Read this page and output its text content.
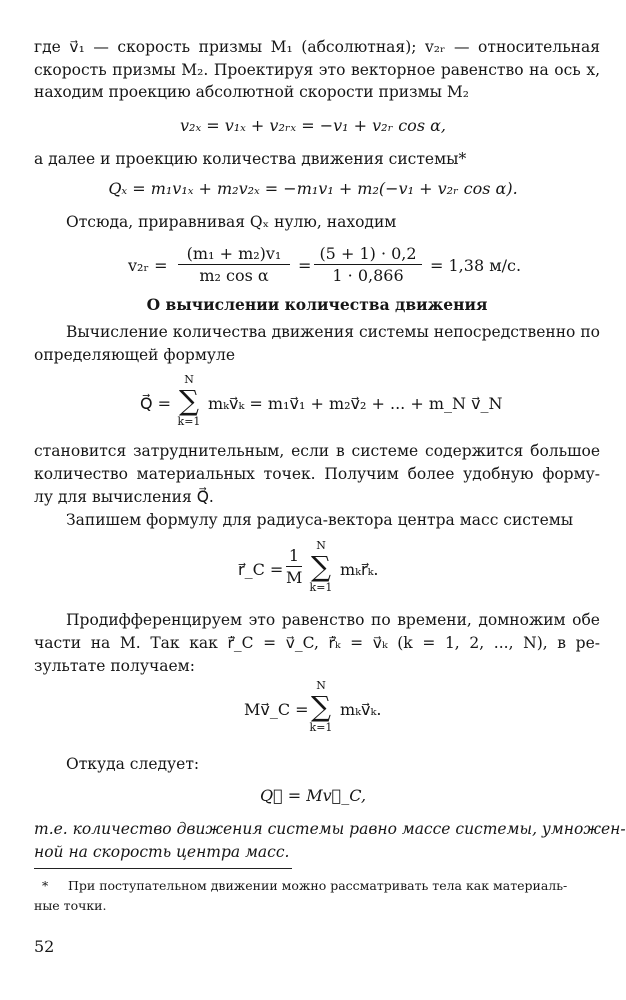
где v⃗₁ — скорость призмы M₁ (абсолютная); v₂ᵣ — относительная
скорость призмы M₂. Проектируя это векторное равенство на ось x,
находим проекцию абсолютной скорости призмы M₂
v₂ₓ = v₁ₓ + v₂ᵣₓ = −v₁ + v₂ᵣ cos α,
а далее и проекцию количества движения системы*
Qₓ = m₁v₁ₓ + m₂v₂ₓ = −m₁v₁ + m₂(−v₁ + v₂ᵣ cos α).
Отсюда, приравнивая Qₓ нулю, находим
v₂ᵣ =
(m₁ + m₂)v₁
m₂ cos α
=
(5 + 1) · 0,2
1 · 0,866
= 1,38 м/с.
О вычислении количества движения
Вычисление количества движения системы непосредственно по
определяющей формуле
Q⃗ =
N
∑
k=1
mₖv⃗ₖ = m₁v⃗₁ + m₂v⃗₂ + ... + m_N v⃗_N
становится затруднительным, если в системе содержится большое
количество материальных точек. Получим более удобную форму-
лу для вычисления Q⃗.
Запишем формулу для радиуса-вектора центра масс системы
r⃗_C =
1
M
N
∑
k=1
mₖr⃗ₖ.
Продифференцируем это равенство по времени, домножим обе
части на M. Так как r⃗̇_C = v⃗_C, r⃗̇ₖ = v⃗ₖ (k = 1, 2, ..., N), в ре-
зультате получаем:
Mv⃗_C =
N
∑
k=1
mₖv⃗ₖ.
Откуда следует:
Q⃗ = Mv⃗_C,
т.е. количество движения системы равно массе системы, умножен-
ной на скорость центра масс.
* При поступательном движении можно рассматривать тела как материаль-
ные точки.
52
